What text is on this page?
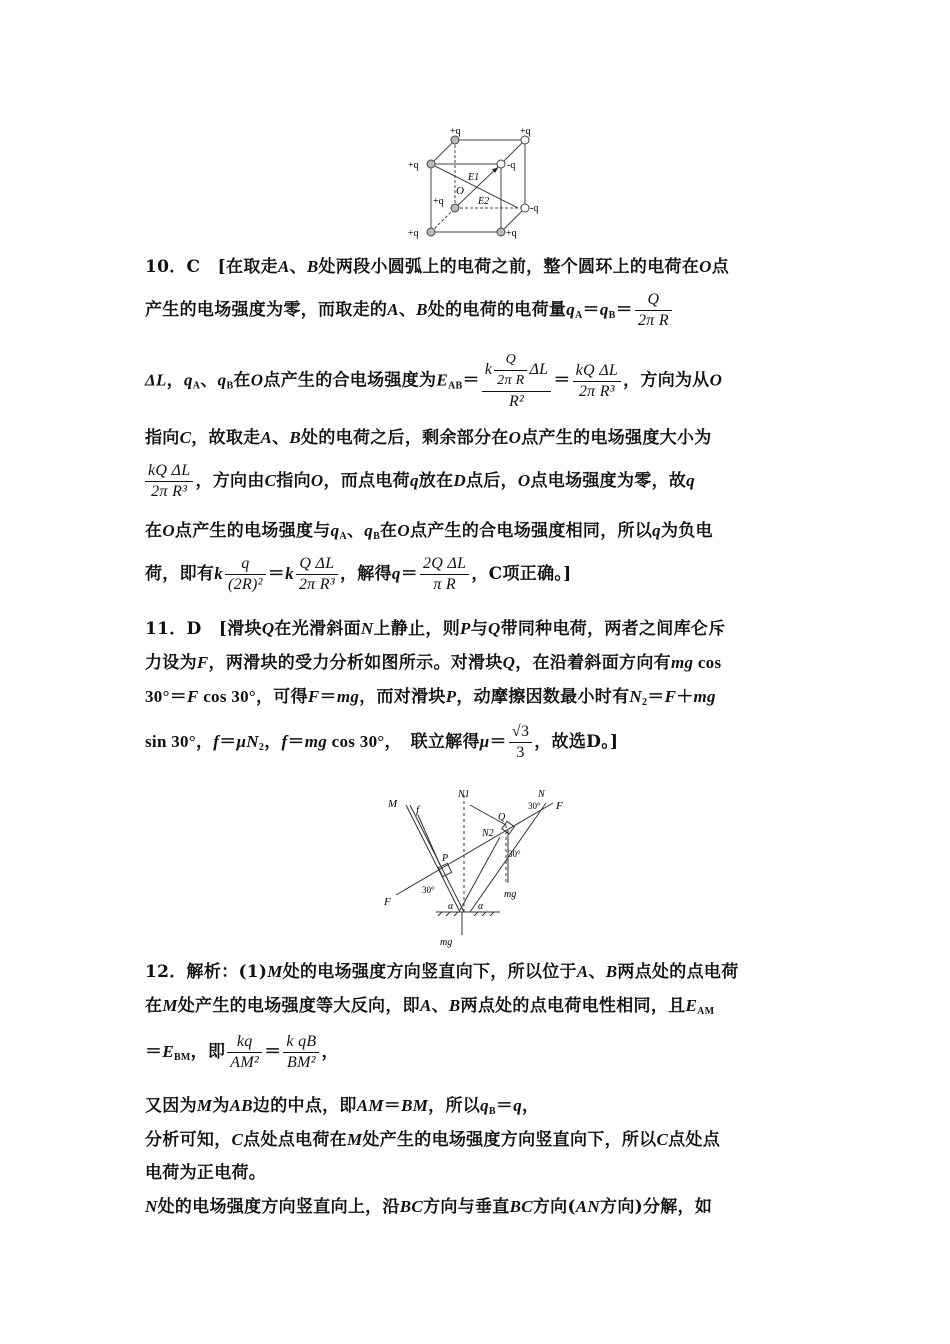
+q	+q
+q	-q
E1
O
E2
+q
-q
+q	+q
10．C　[在取走A、B处两段小圆弧上的电荷之前，整个圆环上的电荷在O点
产生的电场强度为零，而取走的A、B处的电荷的电荷量$q_A=q_B= \frac{Q}{\text{2π R}}$
ΔL，$q_A$、$q_B$在O点产生的合电场强度为$E_{AB}= \frac{k \frac{Q}{\text{2π R}} \Delta L}{\text{R²}} = \frac{\text{kQ ΔL}}{\text{2π R³}}$ ，方向为从O
指向C，故取走A、B处的电荷之后，剩余部分在O点产生的电场强度大小为
$\frac{\text{kQ ΔL}}{\text{2π R³}}$ ，方向由C指向O，而点电荷q放在D点后，O点电场强度为零，故q
在O点产生的电场强度与$q_A$、$q_B$在O点产生的合电场强度相同，所以q为负电
荷，即有k $\frac{q}{\text{(2R)²}} =k \frac{\text{Q ΔL}}{\text{2π R³}}$ ，解得$q= \frac{\text{2Q ΔL}}{\text{π R}}$ ，C项正确。]
11．D　[滑块Q在光滑斜面N上静止，则P与Q带同种电荷，两者之间库仑斥
力设为F，两滑块的受力分析如图所示。对滑块Q，在沿着斜面方向有mg cos
30°＝F cos 30°，可得F＝mg，而对滑块P，动摩擦因数最小时有$N_2=F+mg$
sin 30°，$f=\mu N_2$，f＝mg cos 30°，　联立解得$\mu= \frac{√3}{3}$ ，故选D。]
M f
N1	N
30° F
Q
N2
P
30°
F
30°
mg
α α
mg
12．解析：(1)M处的电场强度方向竖直向下，所以位于A、B两点处的点电荷
在M处产生的电场强度等大反向，即A、B两点处的点电荷电性相同，且$E_{AM}$
$=E_{BM}$，即 $\frac{kq}{\text{AM²}} = \frac{\text{k qB}}{\text{BM²}}$ ，
又因为M为AB边的中点，即AM＝BM，所以$q_B=q$，
分析可知，C点处点电荷在M处产生的电场强度方向竖直向下，所以C点处点
电荷为正电荷。
N处的电场强度方向竖直向上，沿BC方向与垂直BC方向(AN方向)分解，如
